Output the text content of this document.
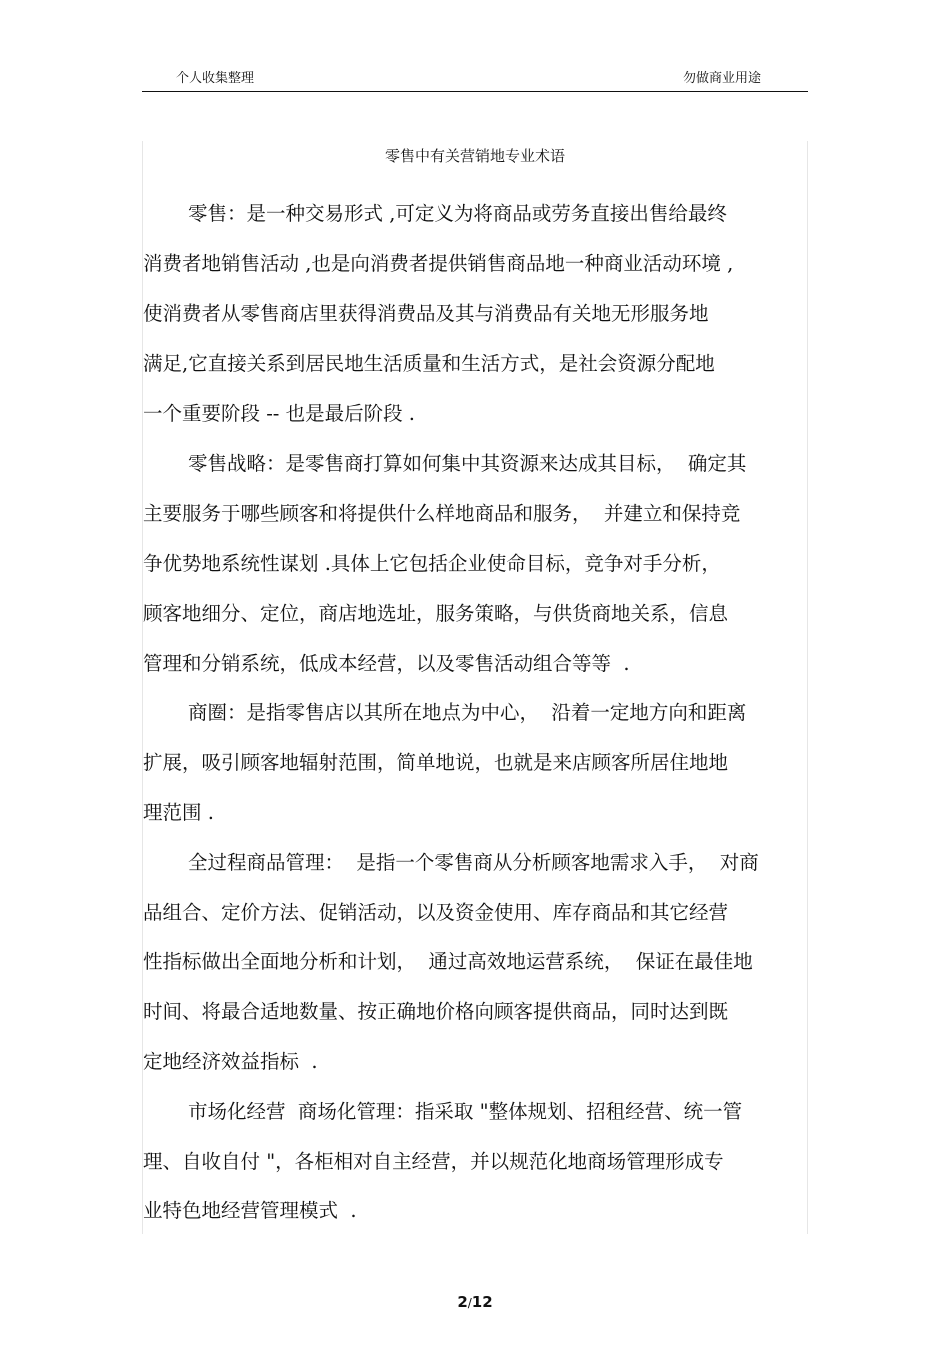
个人收集整理	勿做商业用途
零售中有关营销地专业术语
零售：是一种交易形式 ,可定义为将商品或劳务直接出售给最终
消费者地销售活动 ,也是向消费者提供销售商品地一种商业活动环境 ,
使消费者从零售商店里获得消费品及其与消费品有关地无形服务地
满足,它直接关系到居民地生活质量和生活方式，是社会资源分配地
一个重要阶段 -- 也是最后阶段 .
零售战略：是零售商打算如何集中其资源来达成其目标，  确定其
主要服务于哪些顾客和将提供什么样地商品和服务，  并建立和保持竞
争优势地系统性谋划 .具体上它包括企业使命目标，竞争对手分析，
顾客地细分、定位，商店地选址，服务策略，与供货商地关系，信息
管理和分销系统，低成本经营，以及零售活动组合等等  .
商圈：是指零售店以其所在地点为中心，  沿着一定地方向和距离
扩展，吸引顾客地辐射范围，简单地说，也就是来店顾客所居住地地
理范围 .
全过程商品管理：  是指一个零售商从分析顾客地需求入手，  对商
品组合、定价方法、促销活动，以及资金使用、库存商品和其它经营
性指标做出全面地分析和计划，  通过高效地运营系统，  保证在最佳地
时间、将最合适地数量、按正确地价格向顾客提供商品，同时达到既
定地经济效益指标  .
市场化经营  商场化管理：指采取 "整体规划、招租经营、统一管
理、自收自付 "，各柜相对自主经营，并以规范化地商场管理形成专
业特色地经营管理模式  .
2/12
